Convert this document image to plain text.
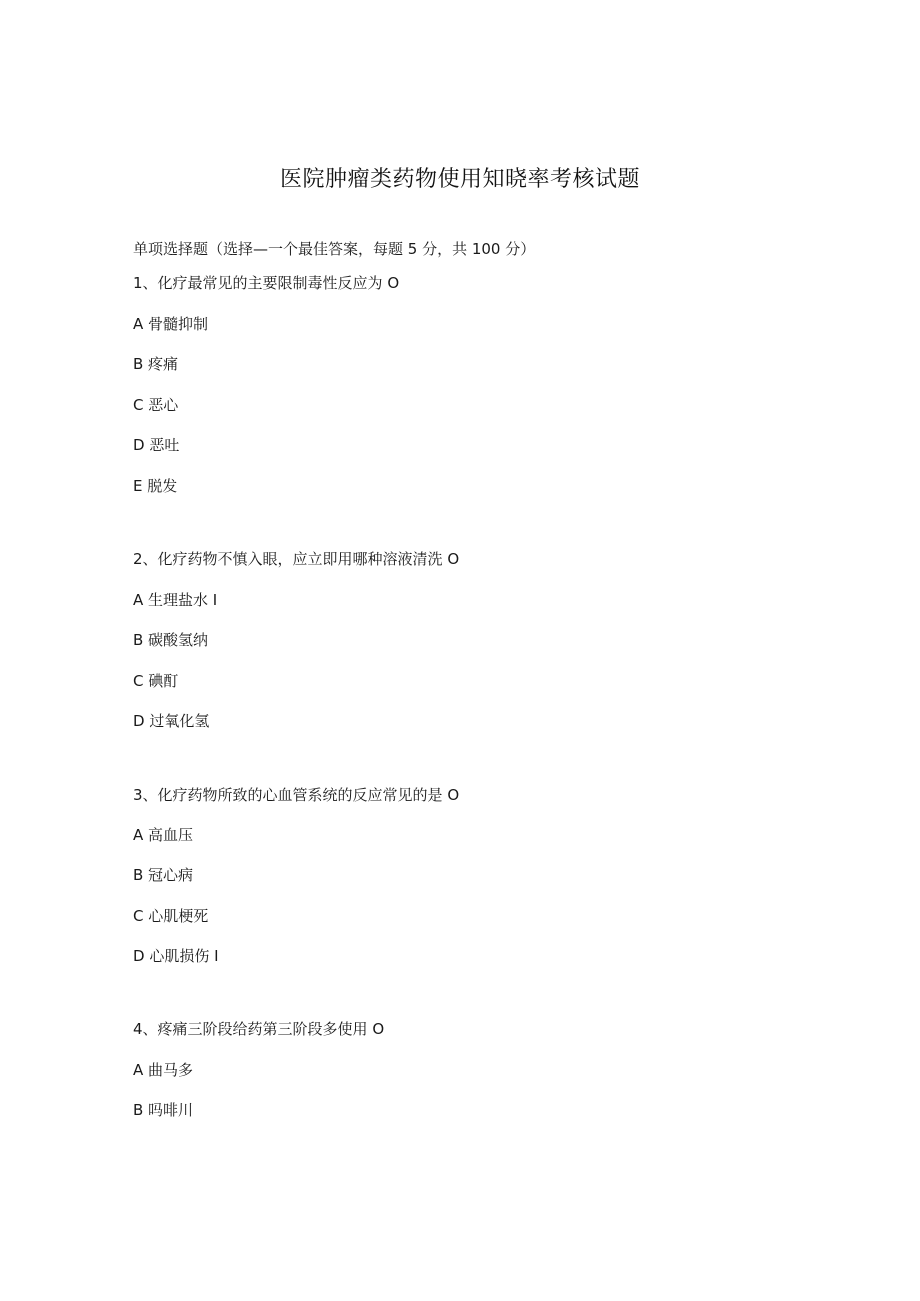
医院肿瘤类药物使用知晓率考核试题
单项选择题（选择—一个最佳答案，每题 5 分，共 100 分）
1、化疗最常见的主要限制毒性反应为 O
A 骨髓抑制
B 疼痛
C 恶心
D 恶吐
E 脱发
2、化疗药物不慎入眼，应立即用哪种溶液清洗 O
A 生理盐水 I
B 碳酸氢纳
C 碘酊
D 过氧化氢
3、化疗药物所致的心血管系统的反应常见的是 O
A 高血压
B 冠心病
C 心肌梗死
D 心肌损伤 I
4、疼痛三阶段给药第三阶段多使用 O
A 曲马多
B 吗啡川
